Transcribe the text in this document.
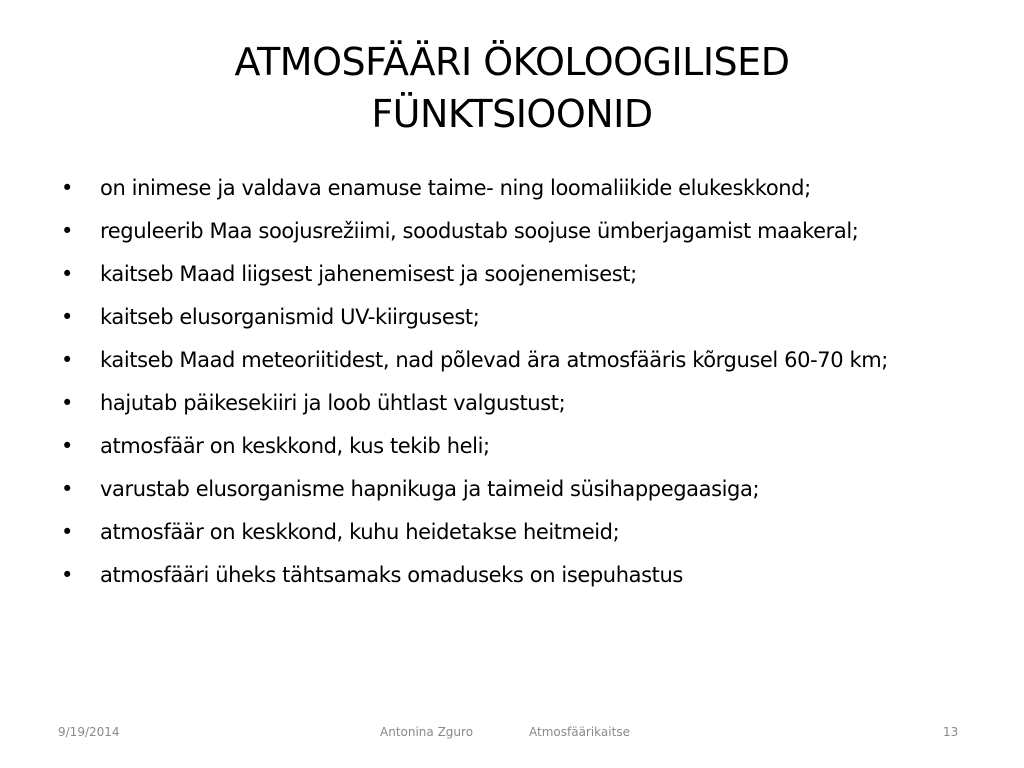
ATMOSFÄÄRI ÖKOLOOGILISED
FÜNKTSIOONID
• on inimese ja valdava enamuse taime- ning loomaliikide elukeskkond;
• reguleerib Maa soojusrežiimi, soodustab soojuse ümberjagamist maakeral;
• kaitseb Maad liigsest jahenemisest ja soojenemisest;
• kaitseb elusorganismid UV-kiirgusest;
• kaitseb Maad meteoriitidest, nad põlevad ära atmosfääris kõrgusel 60-70 km;
• hajutab päikesekiiri ja loob ühtlast valgustust;
• atmosfäär on keskkond, kus tekib heli;
• varustab elusorganisme hapnikuga ja taimeid süsihappegaasiga;
• atmosfäär on keskkond, kuhu heidetakse heitmeid;
• atmosfääri üheks tähtsamaks omaduseks on isepuhastus
9/19/2014	Antonina Zguro	Atmosfäärikaitse	13
